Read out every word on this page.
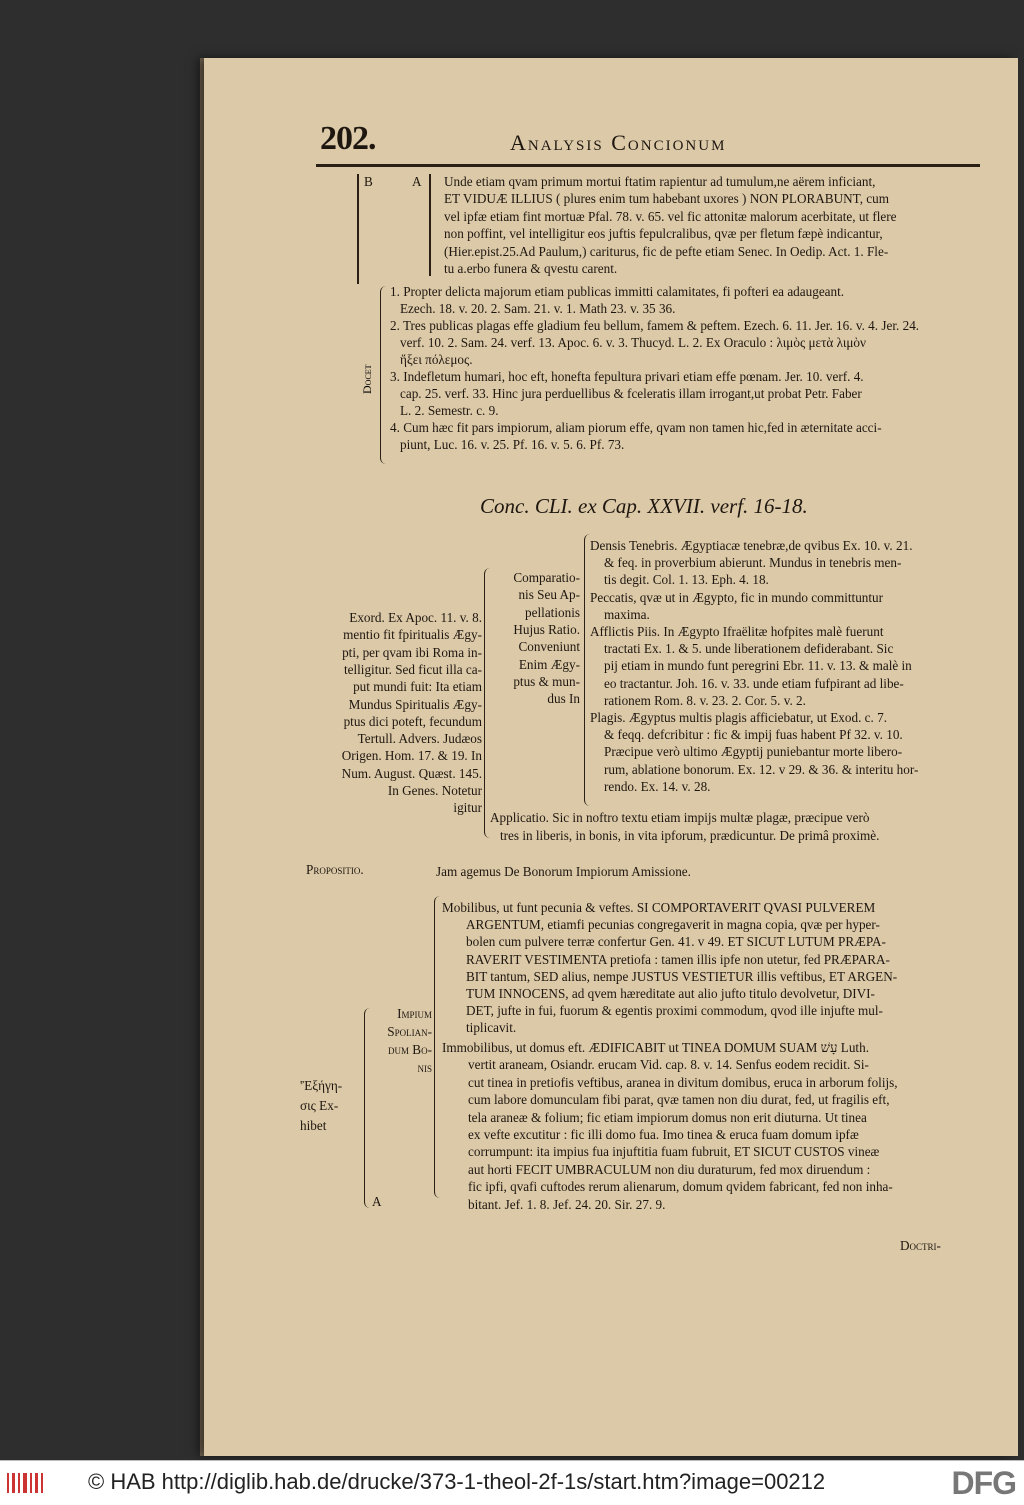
202.	Analysis Concionum
B	A Unde etiam qvam primum mortui ftatim rapientur ad tumulum,ne aërem inficiant,
ET VIDUÆ ILLIUS ( plures enim tum habebant uxores ) NON PLORABUNT, cum
vel ipfæ etiam fint mortuæ Pfal. 78. v. 65. vel fic attonitæ malorum acerbitate, ut flere
non poffint, vel intelligitur eos juftis fepulcralibus, qvæ per fletum fæpè indicantur,
(Hier.epist.25.Ad Paulum,) cariturus, fic de pefte etiam Senec. In Oedip. Act. 1. Fle-
tu a.erbo funera & qvestu carent.
Docet
1. Propter delicta majorum etiam publicas immitti calamitates, fi pofteri ea adaugeant.
Ezech. 18. v. 20. 2. Sam. 21. v. 1. Math 23. v. 35 36.
2. Tres publicas plagas effe gladium feu bellum, famem & peftem. Ezech. 6. 11. Jer. 16. v. 4. Jer. 24.
verf. 10. 2. Sam. 24. verf. 13. Apoc. 6. v. 3. Thucyd. L. 2. Ex Oraculo : λιμὸς μετὰ λιμὸν
ἥξει πόλεμος.
3. Indefletum humari, hoc eft, honefta fepultura privari etiam effe pœnam. Jer. 10. verf. 4.
cap. 25. verf. 33. Hinc jura perduellibus & fceleratis illam irrogant,ut probat Petr. Faber
L. 2. Semestr. c. 9.
4. Cum hæc fit pars impiorum, aliam piorum effe, qvam non tamen hic,fed in æternitate acci-
piunt, Luc. 16. v. 25. Pf. 16. v. 5. 6. Pf. 73.
Conc. CLI. ex Cap. XXVII. verf. 16-18.
Exord. Ex Apoc. 11. v. 8.
mentio fit fpiritualis Ægy-
pti, per qvam ibi Roma in-
telligitur. Sed ficut illa ca-
put mundi fuit: Ita etiam
Mundus Spiritualis Ægy-
ptus dici poteft, fecundum
Tertull. Advers. Judæos
Origen. Hom. 17. & 19. In
Num. August. Quæst. 145.
In Genes. Notetur
igitur
Comparatio-
nis Seu Ap-
pellationis
Hujus Ratio.
Conveniunt
Enim Ægy-
ptus & mun-
dus In
Densis Tenebris. Ægyptiacæ tenebræ,de qvibus Ex. 10. v. 21.
& feq. in proverbium abierunt. Mundus in tenebris men-
tis degit. Col. 1. 13. Eph. 4. 18.
Peccatis, qvæ ut in Ægypto, fic in mundo committuntur
maxima.
Afflictis Piis. In Ægypto Ifraëlitæ hofpites malè fuerunt
tractati Ex. 1. & 5. unde liberationem defiderabant. Sic
pij etiam in mundo funt peregrini Ebr. 11. v. 13. & malè in
eo tractantur. Joh. 16. v. 33. unde etiam fufpirant ad libe-
rationem Rom. 8. v. 23. 2. Cor. 5. v. 2.
Plagis. Ægyptus multis plagis afficiebatur, ut Exod. c. 7.
& feqq. defcribitur : fic & impij fuas habent Pf 32. v. 10.
Præcipue verò ultimo Ægyptij puniebantur morte libero-
rum, ablatione bonorum. Ex. 12. v 29. & 36. & interitu hor-
rendo. Ex. 14. v. 28.
Applicatio. Sic in noftro textu etiam impijs multæ plagæ, præcipue verò
tres in liberis, in bonis, in vita ipforum, prædicuntur. De primâ proximè.
Propositio.	Jam agemus De Bonorum Impiorum Amissione.
'Ἐξήγη-
σις Ex-
hibet
Impium
Spolian-
dum Bo-
nis
A
Mobilibus, ut funt pecunia & veftes. SI COMPORTAVERIT QVASI PULVEREM
ARGENTUM, etiamfi pecunias congregaverit in magna copia, qvæ per hyper-
bolen cum pulvere terræ confertur Gen. 41. v 49. ET SICUT LUTUM PRÆPA-
RAVERIT VESTIMENTA pretiofa : tamen illis ipfe non utetur, fed PRÆPARA-
BIT tantum, SED alius, nempe JUSTUS VESTIETUR illis veftibus, ET ARGEN-
TUM INNOCENS, ad qvem hæreditate aut alio jufto titulo devolvetur, DIVI-
DET, jufte in fui, fuorum & egentis proximi commodum, qvod ille injufte mul-
tiplicavit.
Immobilibus, ut domus eft. ÆDIFICABIT ut TINEA DOMUM SUAM עָשׁ Luth.
vertit araneam, Osiandr. erucam Vid. cap. 8. v. 14. Senfus eodem recidit. Si-
cut tinea in pretiofis veftibus, aranea in divitum domibus, eruca in arborum folijs,
cum labore domunculam fibi parat, qvæ tamen non diu durat, fed, ut fragilis eft,
tela araneæ & folium; fic etiam impiorum domus non erit diuturna. Ut tinea
ex vefte excutitur : fic illi domo fua. Imo tinea & eruca fuam domum ipfæ
corrumpunt: ita impius fua injuftitia fuam fubruit, ET SICUT CUSTOS vineæ
aut horti FECIT UMBRACULUM non diu duraturum, fed mox diruendum :
fic ipfi, qvafi cuftodes rerum alienarum, domum qvidem fabricant, fed non inha-
bitant. Jef. 1. 8. Jef. 24. 20. Sir. 27. 9.
Doctri-
© HAB http://diglib.hab.de/drucke/373-1-theol-2f-1s/start.htm?image=00212	DFG
